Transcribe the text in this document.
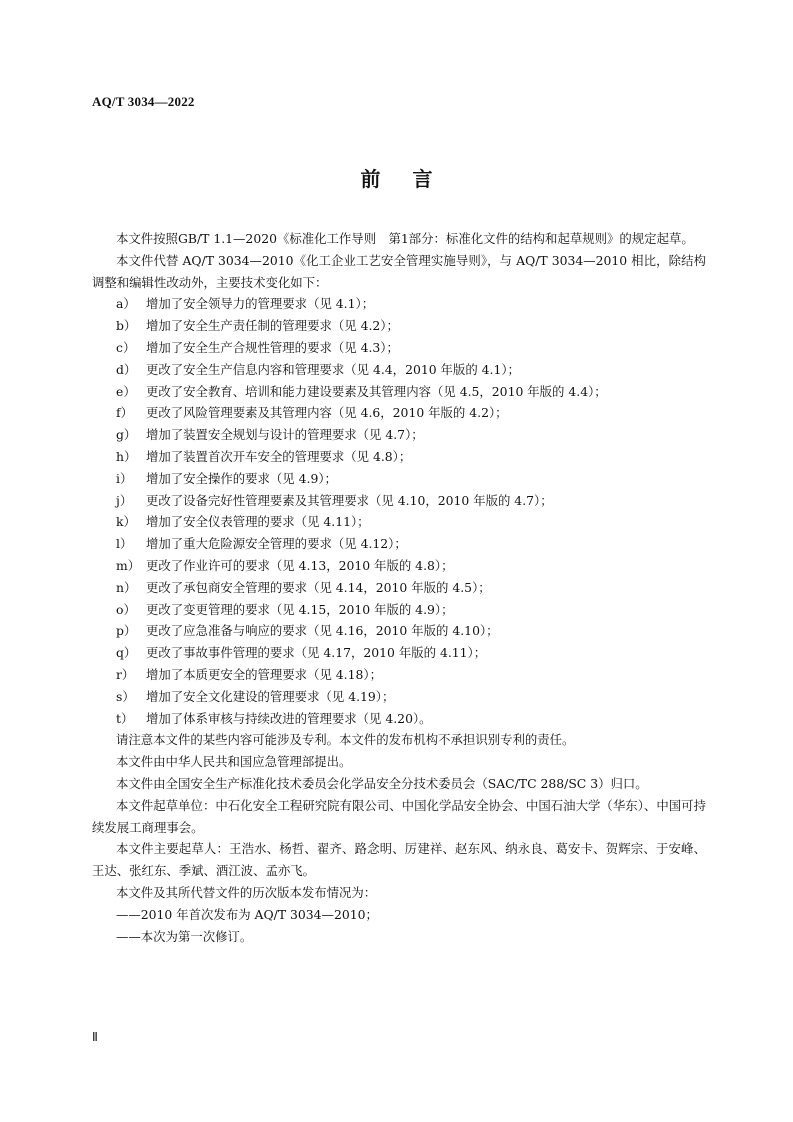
AQ/T 3034—2022
前 言

本文件按照GB/T 1.1—2020《标准化工作导则　第1部分：标准化文件的结构和起草规则》的规定起草。

本文件代替 AQ/T 3034—2010《化工企业工艺安全管理实施导则》，与 AQ/T 3034—2010 相比，除结构调整和编辑性改动外，主要技术变化如下：

a） 增加了安全领导力的管理要求（见 4.1）；
b） 增加了安全生产责任制的管理要求（见 4.2）；
c） 增加了安全生产合规性管理的要求（见 4.3）；
d） 更改了安全生产信息内容和管理要求（见 4.4，2010 年版的 4.1）；
e） 更改了安全教育、培训和能力建设要素及其管理内容（见 4.5，2010 年版的 4.4）；
f）	更改了风险管理要素及其管理内容（见 4.6，2010 年版的 4.2）；
g） 增加了装置安全规划与设计的管理要求（见 4.7）；
h） 增加了装置首次开车安全的管理要求（见 4.8）；
i）	增加了安全操作的要求（见 4.9）；
j）	更改了设备完好性管理要素及其管理要求（见 4.10，2010 年版的 4.7）；
k） 增加了安全仪表管理的要求（见 4.11）；
l）	增加了重大危险源安全管理的要求（见 4.12）；
m） 更改了作业许可的要求（见 4.13，2010 年版的 4.8）；
n） 更改了承包商安全管理的要求（见 4.14，2010 年版的 4.5）；
o） 更改了变更管理的要求（见 4.15，2010 年版的 4.9）；
p） 更改了应急准备与响应的要求（见 4.16，2010 年版的 4.10）；
q） 更改了事故事件管理的要求（见 4.17，2010 年版的 4.11）；
r） 增加了本质更安全的管理要求（见 4.18）；
s） 增加了安全文化建设的管理要求（见 4.19）；
t）	增加了体系审核与持续改进的管理要求（见 4.20）。

请注意本文件的某些内容可能涉及专利。本文件的发布机构不承担识别专利的责任。

本文件由中华人民共和国应急管理部提出。

本文件由全国安全生产标准化技术委员会化学品安全分技术委员会（SAC/TC 288/SC 3）归口。

本文件起草单位：中石化安全工程研究院有限公司、中国化学品安全协会、中国石油大学（华东）、中国可持续发展工商理事会。

本文件主要起草人：王浩水、杨哲、翟齐、路念明、厉建祥、赵东风、纳永良、葛安卡、贺辉宗、于安峰、王达、张红东、季斌、酒江波、孟亦飞。

本文件及其所代替文件的历次版本发布情况为：

——2010 年首次发布为 AQ/T 3034—2010；

——本次为第一次修订。

Ⅱ
